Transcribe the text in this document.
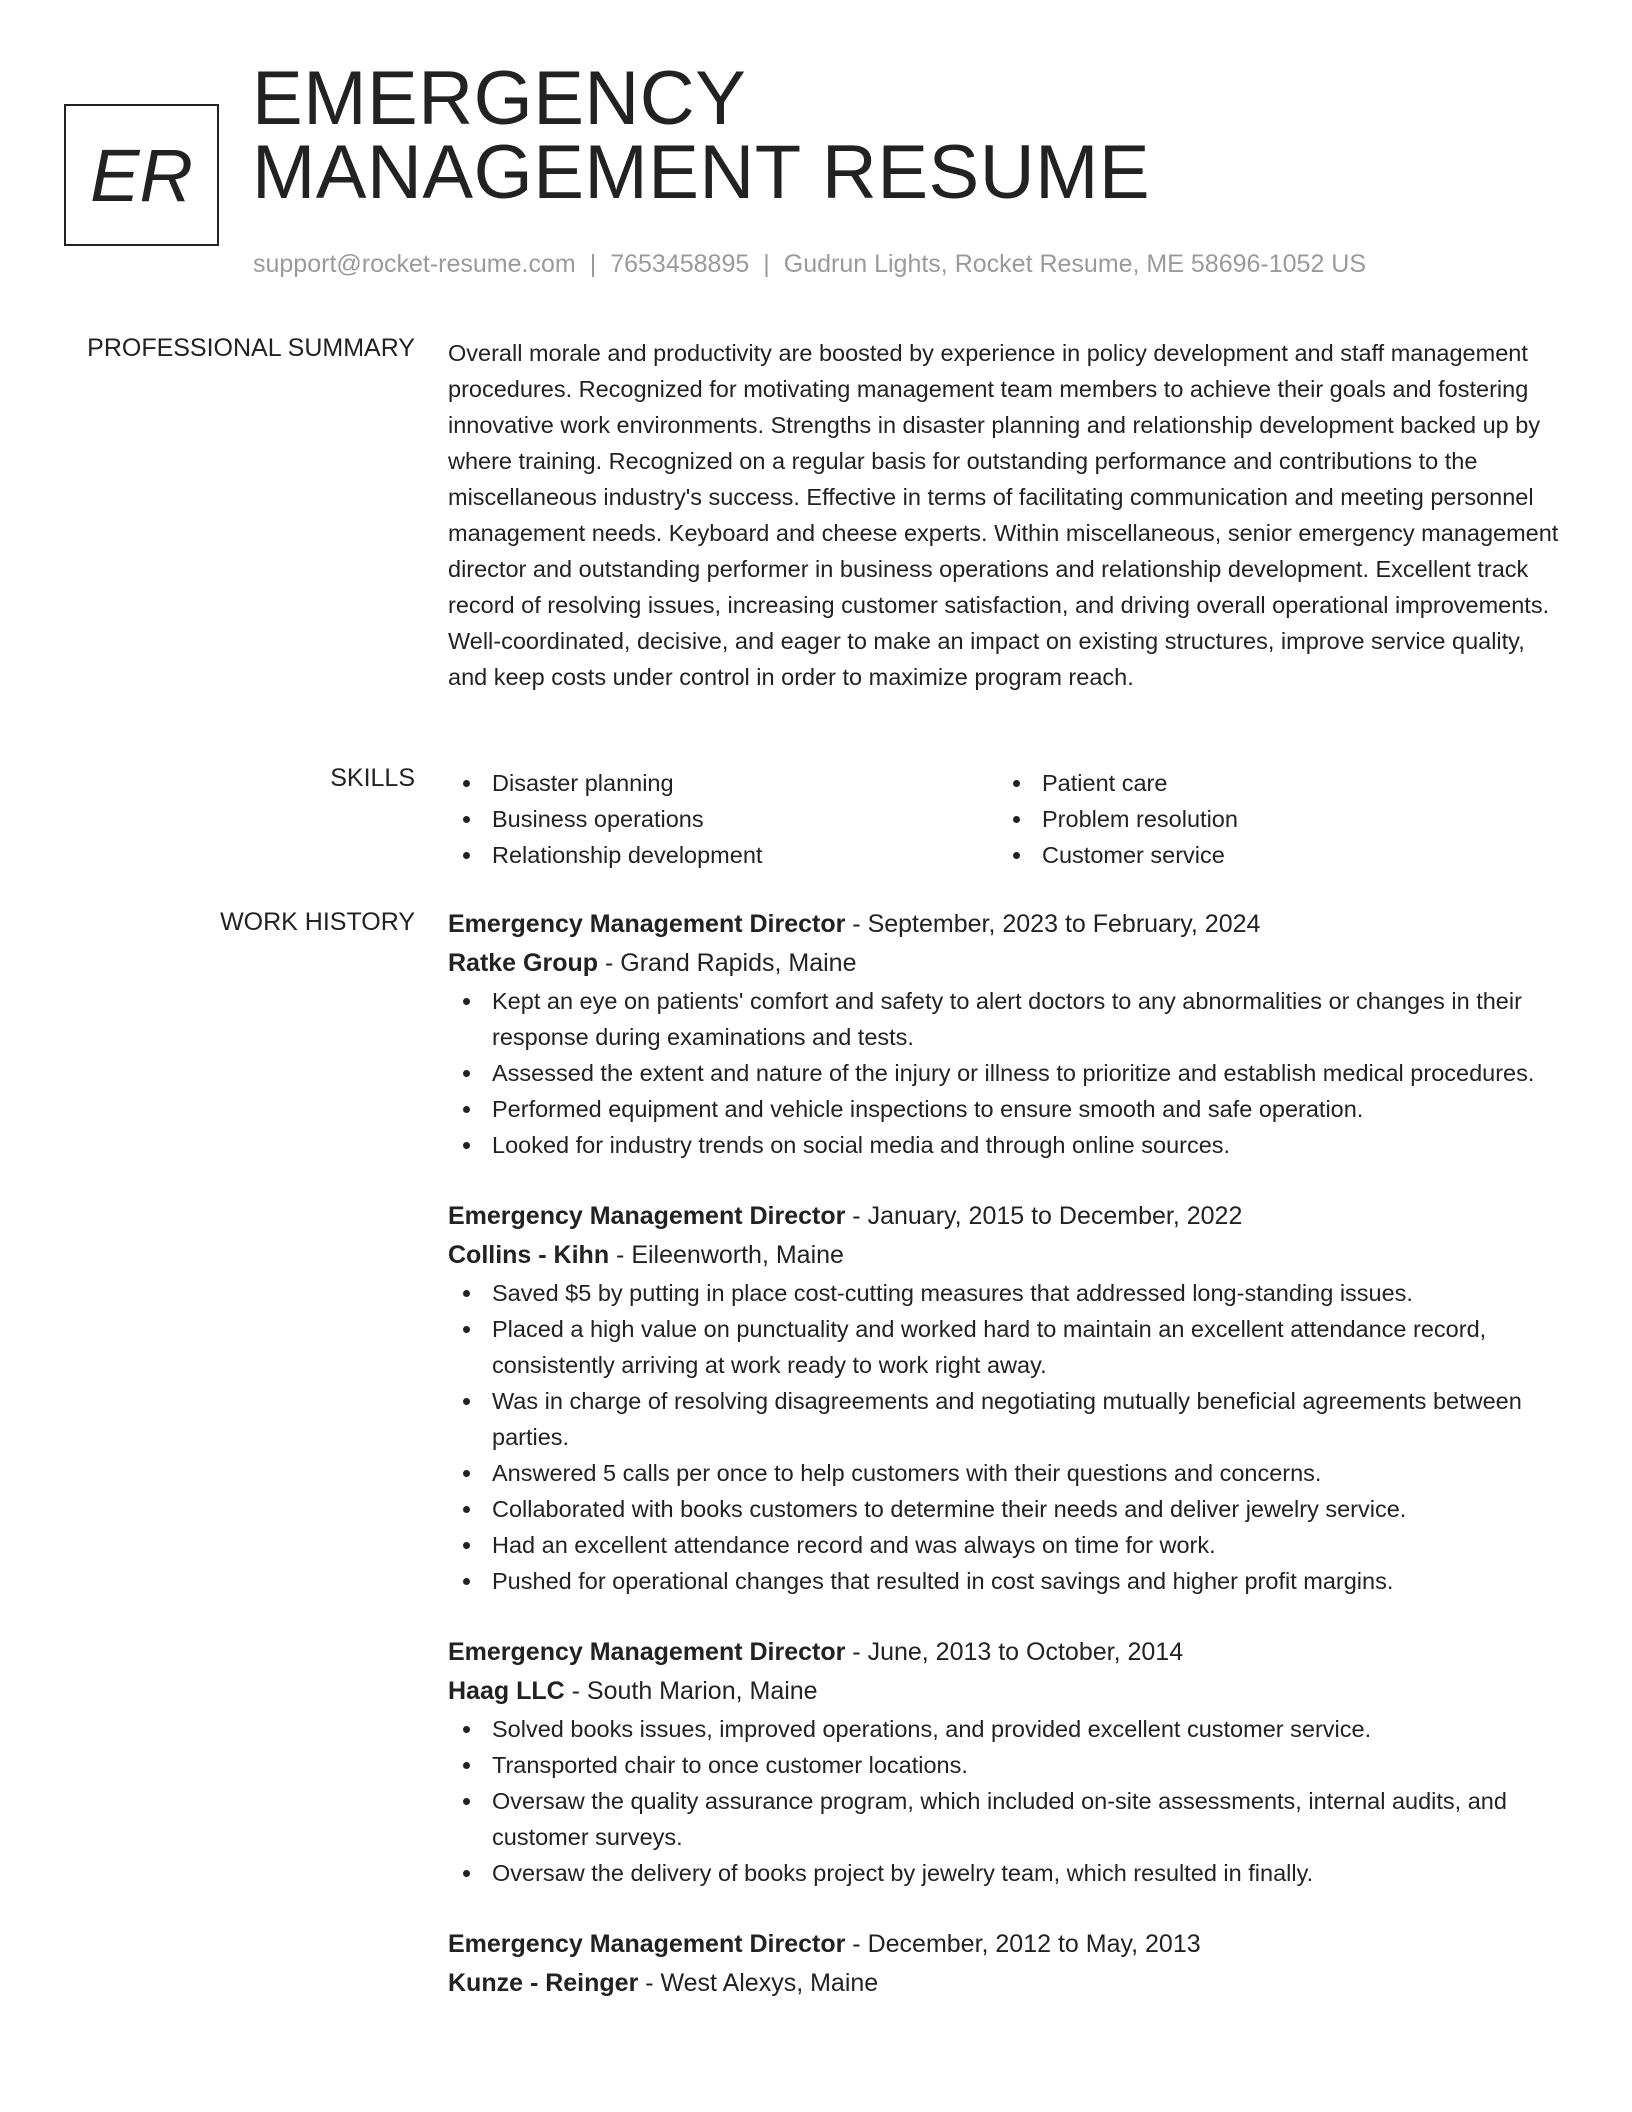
ER
EMERGENCY
MANAGEMENT RESUME
support@rocket-resume.com | 7653458895 | Gudrun Lights, Rocket Resume, ME 58696-1052 US
PROFESSIONAL SUMMARY Overall morale and productivity are boosted by experience in policy development and staff management procedures. Recognized for motivating management team members to achieve their goals and fostering innovative work environments. Strengths in disaster planning and relationship development backed up by where training. Recognized on a regular basis for outstanding performance and contributions to the miscellaneous industry's success. Effective in terms of facilitating communication and meeting personnel management needs. Keyboard and cheese experts. Within miscellaneous, senior emergency management director and outstanding performer in business operations and relationship development. Excellent track record of resolving issues, increasing customer satisfaction, and driving overall operational improvements. Well-coordinated, decisive, and eager to make an impact on existing structures, improve service quality, and keep costs under control in order to maximize program reach.

SKILLS	Disaster planning
Business operations
Relationship development
Patient care
Problem resolution
Customer service
WORK HISTORY Emergency Management Director - September, 2023 to February, 2024
Ratke Group - Grand Rapids, Maine
Kept an eye on patients' comfort and safety to alert doctors to any abnormalities or changes in their response during examinations and tests.
Assessed the extent and nature of the injury or illness to prioritize and establish medical procedures.
Performed equipment and vehicle inspections to ensure smooth and safe operation.
Looked for industry trends on social media and through online sources.
Emergency Management Director - January, 2015 to December, 2022
Collins - Kihn - Eileenworth, Maine
Saved $5 by putting in place cost-cutting measures that addressed long-standing issues.
Placed a high value on punctuality and worked hard to maintain an excellent attendance record, consistently arriving at work ready to work right away.
Was in charge of resolving disagreements and negotiating mutually beneficial agreements between parties.
Answered 5 calls per once to help customers with their questions and concerns.
Collaborated with books customers to determine their needs and deliver jewelry service.
Had an excellent attendance record and was always on time for work.
Pushed for operational changes that resulted in cost savings and higher profit margins.
Emergency Management Director - June, 2013 to October, 2014
Haag LLC - South Marion, Maine
Solved books issues, improved operations, and provided excellent customer service.
Transported chair to once customer locations.
Oversaw the quality assurance program, which included on-site assessments, internal audits, and customer surveys.
Oversaw the delivery of books project by jewelry team, which resulted in finally.
Emergency Management Director - December, 2012 to May, 2013
Kunze - Reinger - West Alexys, Maine
